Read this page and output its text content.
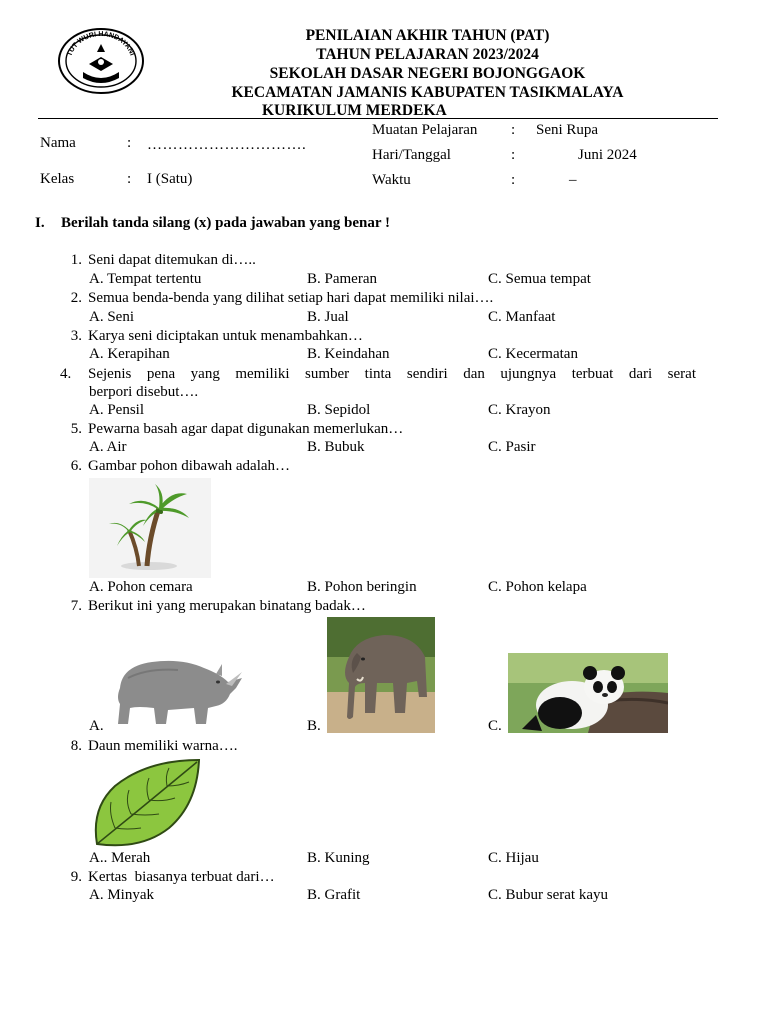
TUT WURI HANDAYANI
PENILAIAN AKHIR TAHUN (PAT)
TAHUN PELAJARAN 2023/2024
SEKOLAH DASAR NEGERI BOJONGGAOK
KECAMATAN JAMANIS KABUPATEN TASIKMALAYA
KURIKULUM MERDEKA
Nama	: ………………………….
Kelas	: I (Satu)
Muatan Pelajaran : Seni Rupa
Hari/Tanggal	:	Juni 2024
Waktu	:	–
I. Berilah tanda silang (x) pada jawaban yang benar !
1. Seni dapat ditemukan di…..
A. Tempat tertentu	B. Pameran	C. Semua tempat
2. Semua benda-benda yang dilihat setiap hari dapat memiliki nilai….
A. Seni	B. Jual	C. Manfaat
3. Karya seni diciptakan untuk menambahkan…
A. Kerapihan	B. Keindahan	C. Kecermatan
4. Sejenis pena yang memiliki sumber tinta sendiri dan ujungnya terbuat dari serat
berpori disebut….
A. Pensil	B. Sepidol	C. Krayon
5. Pewarna basah agar dapat digunakan memerlukan…
A. Air	B. Bubuk	C. Pasir
6. Gambar pohon dibawah adalah…
A. Pohon cemara	B. Pohon beringin	C. Pohon kelapa
7. Berikut ini yang merupakan binatang badak…
A.	B.	C.
8. Daun memiliki warna….
A.. Merah	B. Kuning	C. Hijau
9. Kertas  biasanya terbuat dari…
A. Minyak	B. Grafit	C. Bubur serat kayu
